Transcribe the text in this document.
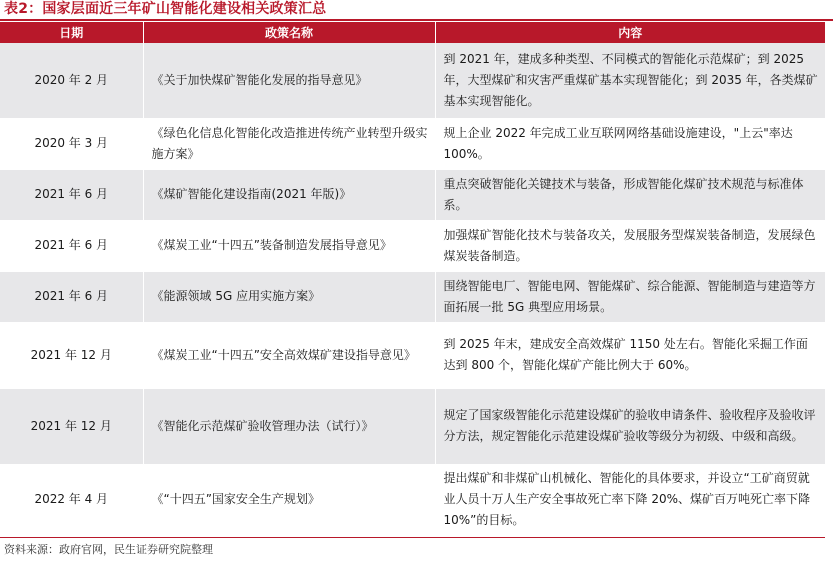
表2：国家层面近三年矿山智能化建设相关政策汇总
日期	政策名称	内容
2020 年 2 月	《关于加快煤矿智能化发展的指导意见》	到 2021 年，建成多种类型、不同模式的智能化示范煤矿；到 2025 年，大型煤矿和灾害严重煤矿基本实现智能化；到 2035 年，各类煤矿基本实现智能化。
2020 年 3 月	《绿色化信息化智能化改造推进传统产业转型升级实施方案》	规上企业 2022 年完成工业互联网网络基础设施建设，"上云"率达 100%。
2021 年 6 月	《煤矿智能化建设指南(2021 年版)》	重点突破智能化关键技术与装备，形成智能化煤矿技术规范与标准体系。
2021 年 6 月	《煤炭工业“十四五”装备制造发展指导意见》	加强煤矿智能化技术与装备攻关，发展服务型煤炭装备制造，发展绿色煤炭装备制造。
2021 年 6 月	《能源领域 5G 应用实施方案》	围绕智能电厂、智能电网、智能煤矿、综合能源、智能制造与建造等方面拓展一批 5G 典型应用场景。
2021 年 12 月	《煤炭工业“十四五”安全高效煤矿建设指导意见》	到 2025 年末，建成安全高效煤矿 1150 处左右。智能化采掘工作面达到 800 个，智能化煤矿产能比例大于 60%。
2021 年 12 月	《智能化示范煤矿验收管理办法（试行）》	规定了国家级智能化示范建设煤矿的验收申请条件、验收程序及验收评分方法，规定智能化示范建设煤矿验收等级分为初级、中级和高级。
2022 年 4 月	《“十四五”国家安全生产规划》	提出煤矿和非煤矿山机械化、智能化的具体要求，并设立“工矿商贸就业人员十万人生产安全事故死亡率下降 20%、煤矿百万吨死亡率下降 10%”的目标。
资料来源：政府官网，民生证券研究院整理
